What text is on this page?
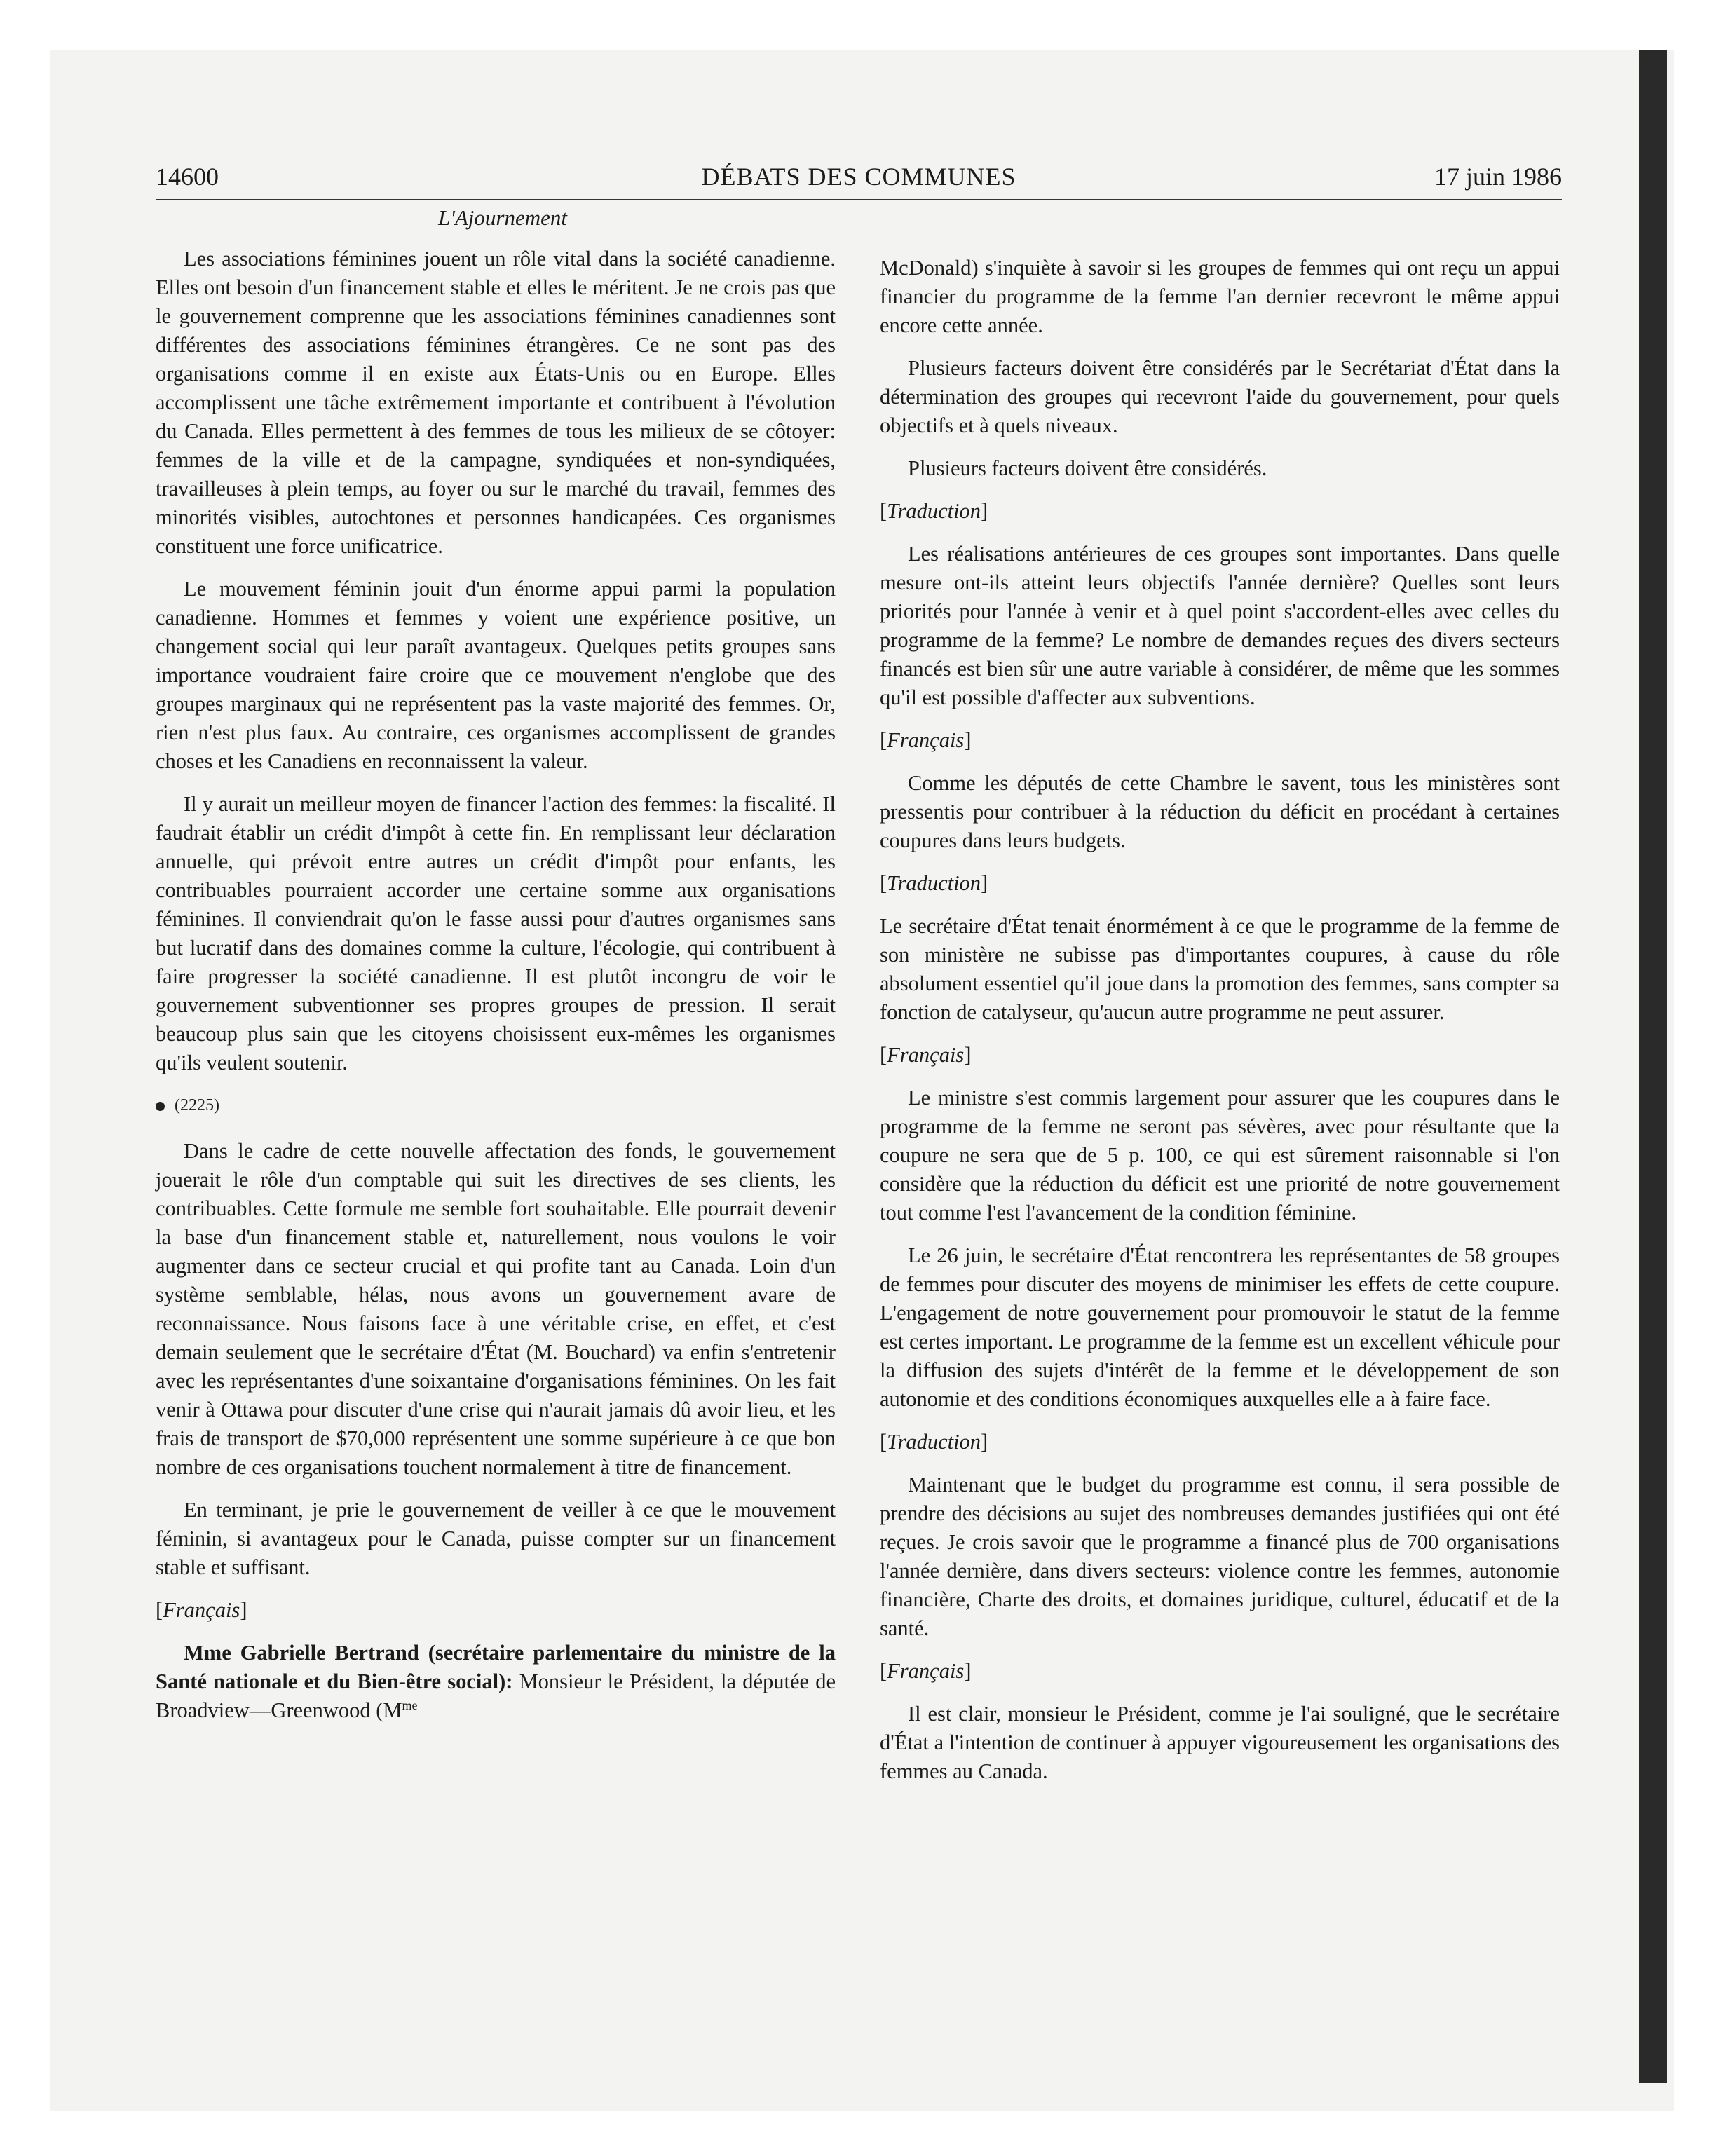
14600	DÉBATS DES COMMUNES	17 juin 1986
L'Ajournement

Les associations féminines jouent un rôle vital dans la société canadienne. Elles ont besoin d'un financement stable et elles le méritent. Je ne crois pas que le gouvernement comprenne que les associations féminines canadiennes sont différentes des associations féminines étrangères. Ce ne sont pas des organisations comme il en existe aux États-Unis ou en Europe. Elles accomplissent une tâche extrêmement importante et contribuent à l'évolution du Canada. Elles permettent à des femmes de tous les milieux de se côtoyer: femmes de la ville et de la campagne, syndiquées et non-syndiquées, travailleuses à plein temps, au foyer ou sur le marché du travail, femmes des minorités visibles, autochtones et personnes handicapées. Ces organismes constituent une force unificatrice.

Le mouvement féminin jouit d'un énorme appui parmi la population canadienne. Hommes et femmes y voient une expérience positive, un changement social qui leur paraît avantageux. Quelques petits groupes sans importance voudraient faire croire que ce mouvement n'englobe que des groupes marginaux qui ne représentent pas la vaste majorité des femmes. Or, rien n'est plus faux. Au contraire, ces organismes accomplissent de grandes choses et les Canadiens en reconnaissent la valeur.

Il y aurait un meilleur moyen de financer l'action des femmes: la fiscalité. Il faudrait établir un crédit d'impôt à cette fin. En remplissant leur déclaration annuelle, qui prévoit entre autres un crédit d'impôt pour enfants, les contribuables pourraient accorder une certaine somme aux organisations féminines. Il conviendrait qu'on le fasse aussi pour d'autres organismes sans but lucratif dans des domaines comme la culture, l'écologie, qui contribuent à faire progresser la société canadienne. Il est plutôt incongru de voir le gouvernement subventionner ses propres groupes de pression. Il serait beaucoup plus sain que les citoyens choisissent eux-mêmes les organismes qu'ils veulent soutenir.

(2225)

Dans le cadre de cette nouvelle affectation des fonds, le gouvernement jouerait le rôle d'un comptable qui suit les directives de ses clients, les contribuables. Cette formule me semble fort souhaitable. Elle pourrait devenir la base d'un financement stable et, naturellement, nous voulons le voir augmenter dans ce secteur crucial et qui profite tant au Canada. Loin d'un système semblable, hélas, nous avons un gouvernement avare de reconnaissance. Nous faisons face à une véritable crise, en effet, et c'est demain seulement que le secrétaire d'État (M. Bouchard) va enfin s'entretenir avec les représentantes d'une soixantaine d'organisations féminines. On les fait venir à Ottawa pour discuter d'une crise qui n'aurait jamais dû avoir lieu, et les frais de transport de $70,000 représentent une somme supérieure à ce que bon nombre de ces organisations touchent normalement à titre de financement.

En terminant, je prie le gouvernement de veiller à ce que le mouvement féminin, si avantageux pour le Canada, puisse compter sur un financement stable et suffisant.

[Français]

Mme Gabrielle Bertrand (secrétaire parlementaire du ministre de la Santé nationale et du Bien-être social): Monsieur le Président, la députée de Broadview—Greenwood ($M^{me}$

McDonald) s'inquiète à savoir si les groupes de femmes qui ont reçu un appui financier du programme de la femme l'an dernier recevront le même appui encore cette année.

Plusieurs facteurs doivent être considérés par le Secrétariat d'État dans la détermination des groupes qui recevront l'aide du gouvernement, pour quels objectifs et à quels niveaux.

Plusieurs facteurs doivent être considérés.

[Traduction]

Les réalisations antérieures de ces groupes sont importantes. Dans quelle mesure ont-ils atteint leurs objectifs l'année dernière? Quelles sont leurs priorités pour l'année à venir et à quel point s'accordent-elles avec celles du programme de la femme? Le nombre de demandes reçues des divers secteurs financés est bien sûr une autre variable à considérer, de même que les sommes qu'il est possible d'affecter aux subventions.

[Français]

Comme les députés de cette Chambre le savent, tous les ministères sont pressentis pour contribuer à la réduction du déficit en procédant à certaines coupures dans leurs budgets.

[Traduction]

Le secrétaire d'État tenait énormément à ce que le programme de la femme de son ministère ne subisse pas d'importantes coupures, à cause du rôle absolument essentiel qu'il joue dans la promotion des femmes, sans compter sa fonction de catalyseur, qu'aucun autre programme ne peut assurer.

[Français]

Le ministre s'est commis largement pour assurer que les coupures dans le programme de la femme ne seront pas sévères, avec pour résultante que la coupure ne sera que de 5 p. 100, ce qui est sûrement raisonnable si l'on considère que la réduction du déficit est une priorité de notre gouvernement tout comme l'est l'avancement de la condition féminine.

Le 26 juin, le secrétaire d'État rencontrera les représentantes de 58 groupes de femmes pour discuter des moyens de minimiser les effets de cette coupure. L'engagement de notre gouvernement pour promouvoir le statut de la femme est certes important. Le programme de la femme est un excellent véhicule pour la diffusion des sujets d'intérêt de la femme et le développement de son autonomie et des conditions économiques auxquelles elle a à faire face.

[Traduction]

Maintenant que le budget du programme est connu, il sera possible de prendre des décisions au sujet des nombreuses demandes justifiées qui ont été reçues. Je crois savoir que le programme a financé plus de 700 organisations l'année dernière, dans divers secteurs: violence contre les femmes, autonomie financière, Charte des droits, et domaines juridique, culturel, éducatif et de la santé.

[Français]

Il est clair, monsieur le Président, comme je l'ai souligné, que le secrétaire d'État a l'intention de continuer à appuyer vigoureusement les organisations des femmes au Canada.
